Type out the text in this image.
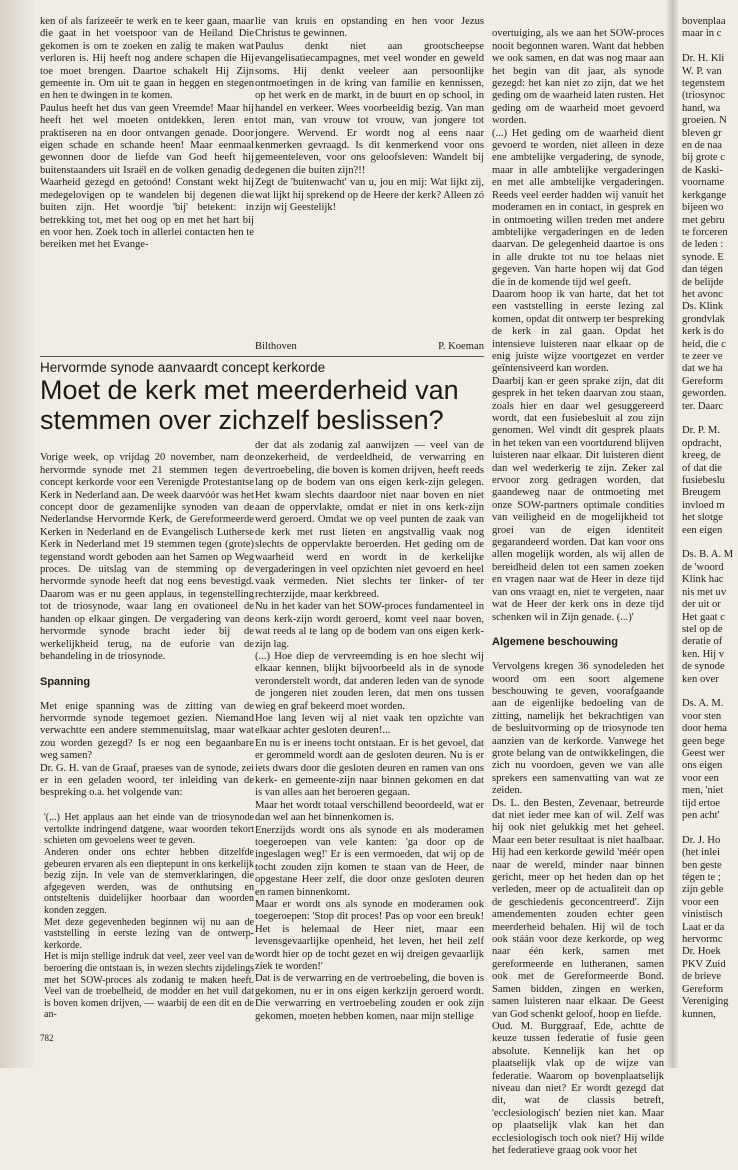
ken of als farizeeër te werk en te keer gaan, maar die gaat in het voetspoor van de Heiland Die gekomen is om te zoeken en zalig te maken wat verloren is. Hij heeft nog andere schapen die Hij toe moet brengen. Daartoe schakelt Hij Zijn gemeente in. Om uit te gaan in heggen en stegen en hen te dwingen in te komen.
Paulus heeft het dus van geen Vreemde! Maar hij heeft het wel moeten ontdekken, leren en praktiseren na en door ontvangen genade. Door eigen schade en schande heen! Maar eenmaal gewonnen door de liefde van God heeft hij buitenstaanders uit Israël en de volken genadig de Waarheid gezegd en getoónd! Constant wekt hij medegelovigen op te wandelen bij degenen die buiten zijn. Het woordje 'bij' betekent: in betrekking tot, met het oog op en met het hart bij en voor hen. Zoek toch in allerlei contacten hen te bereiken met het Evange-
lie van kruis en opstanding en hen voor Jezus Christus te gewinnen.
Paulus denkt niet aan grootscheepse evangelisatiecampagnes, met veel wonder en geweld soms. Hij denkt veeleer aan persoonlijke ontmoetingen in de kring van familie en kennissen, op het werk en de markt, in de buurt en op school, in handel en verkeer. Wees voorbeeldig bezig. Van man tot man, van vrouw tot vrouw, van jongere tot jongere. Wervend. Er wordt nog al eens naar kenmerken gevraagd. Is dit kenmerkend voor ons gemeenteleven, voor ons geloofsleven: Wandelt bij degenen die buiten zijn?!!
Zegt de 'buitenwacht' van u, jou en mij: Wat lijkt zij, wat lijkt hij sprekend op de Heere der kerk? Alleen zó zijn wij Geestelijk!
Bilthoven	P. Koeman
Hervormde synode aanvaardt concept kerkorde
Moet de kerk met meerderheid van stemmen over zichzelf beslissen?

Vorige week, op vrijdag 20 november, nam de hervormde synode met 21 stemmen tegen de concept kerkorde voor een Verenigde Protestantse Kerk in Nederland aan. De week daarvóór was het concept door de gezamenlijke synoden van de Nederlandse Hervormde Kerk, de Gereformeerde Kerken in Nederland en de Evangelisch Lutherse Kerk in Nederland met 19 stemmen tegen (grote) tegenstand wordt geboden aan het Samen op Weg proces. De uitslag van de stemming op de hervormde synode heeft dat nog eens bevestigd. Daarom was er nu geen applaus, in tegenstelling tot de triosynode, waar lang en ovationeel de handen op elkaar gingen. De vergadering van de hervormde synode bracht ieder bij de werkelijkheid terug, na de euforie van de behandeling in de triosynode.

Spanning

Met enige spanning was de zitting van de hervormde synode tegemoet gezien. Niemand verwachtte een andere stemmenuitslag, maar wat zou worden gezegd? Is er nog een begaanbare weg samen?
Dr. G. H. van de Graaf, praeses van de synode, zei er in een geladen woord, ter inleiding van de bespreking o.a. het volgende van:

'(...) Het applaus aan het einde van de triosynode vertolkte indringend datgene, waar woorden tekort schieten om gevoelens weer te geven.
Anderen onder ons echter hebben ditzelfde gebeuren ervaren als een dieptepunt in ons kerkelijk bezig zijn. In vele van de stemverklaringen, die afgegeven werden, was de onthutsing en ontsteltenis duidelijker hoorbaar dan woorden konden zeggen.
Met deze gegevenheden beginnen wij nu aan de vaststelling in eerste lezing van de ontwerp-kerkorde.
Het is mijn stellige indruk dat veel, zeer veel van de beroering die ontstaan is, in wezen slechts zijdelings met het SOW-proces als zodanig te maken heeft. Veel van de troebelheid, de modder en het vuil dat is boven komen drijven, — waarbij de een dit en de an-

der dat als zodanig zal aanwijzen — veel van de onzekerheid, de verdeeldheid, de verwarring en vertroebeling, die boven is komen drijven, heeft reeds lang op de bodem van ons eigen kerk-zijn gelegen. Het kwam slechts daardoor niet naar boven en niet aan de oppervlakte, omdat er niet in ons kerk-zijn werd geroerd. Omdat we op veel punten de zaak van de kerk met rust lieten en angstvallig vaak nog slechts de oppervlakte beroerden. Het geding om de waarheid werd en wordt in de kerkelijke vergaderingen in veel opzichten niet gevoerd en heel vaak vermeden. Niet slechts ter linker- of ter rechterzijde, maar kerkbreed.
Nu in het kader van het SOW-proces fundamenteel in ons kerk-zijn wordt geroerd, komt veel naar boven, wat reeds al te lang op de bodem van ons eigen kerk-zijn lag.
(...) Hoe diep de vervreemding is en hoe slecht wij elkaar kennen, blijkt bijvoorbeeld als in de synode veronderstelt wordt, dat anderen leden van de synode de jongeren niet zouden leren, dat men ons tussen wieg en graf bekeerd moet worden.
Hoe lang leven wij al niet vaak ten opzichte van elkaar achter gesloten deuren!...
En nu is er ineens tocht ontstaan. Er is het gevoel, dat er gerommeld wordt aan de gesloten deuren. Nu is er iets dwars door die gesloten deuren en ramen van ons kerk- en gemeente-zijn naar binnen gekomen en dat is van alles aan het beroeren gegaan.
Maar het wordt totaal verschillend beoordeeld, wat er dan wel aan het binnenkomen is.
Enerzijds wordt ons als synode en als moderamen toegeroepen van vele kanten: 'ga door op de ingeslagen weg!' Er is een vermoeden, dat wij op de tocht zouden zijn komen te staan van de Heer, de opgestane Heer zelf, die door onze gesloten deuren en ramen binnenkomt.
Maar er wordt ons als synode en moderamen ook toegeroepen: 'Stop dit proces! Pas op voor een breuk! Het is helemaal de Heer niet, maar een levensgevaarlijke openheid, het leven, het heil zelf wordt hier op de tocht gezet en wij dreigen gevaarlijk ziek te worden!'
Dat is de verwarring en de vertroebeling, die boven is gekomen, nu er in ons eigen kerkzijn geroerd wordt. Die verwarring en vertroebeling zouden er ook zijn gekomen, moeten hebben komen, naar mijn stellige

overtuiging, als we aan het SOW-proces nooit begonnen waren. Want dat hebben we ook samen, en dat was nog maar aan het begin van dit jaar, als synode gezegd: het kan niet zo zijn, dat we het geding om de waarheid laten rusten. Het geding om de waarheid moet gevoerd worden.
(...) Het geding om de waarheid dient gevoerd te worden, niet alleen in deze ene ambtelijke vergadering, de synode, maar in alle ambtelijke vergaderingen en met alle ambtelijke vergaderingen. Reeds veel eerder hadden wij vanuit het moderamen en in contact, in gesprek en in ontmoeting willen treden met andere ambtelijke vergaderingen en de leden daarvan. De gelegenheid daartoe is ons in alle drukte tot nu toe helaas niet gegeven. Van harte hopen wij dat God die in de komende tijd wel geeft.
Daarom hoop ik van harte, dat het tot een vaststelling in eerste lezing zal komen, opdat dit ontwerp ter bespreking de kerk in zal gaan. Opdat het intensieve luisteren naar elkaar op de enig juiste wijze voortgezet en verder geïntensiveerd kan worden.
Daarbij kan er geen sprake zijn, dat dit gesprek in het teken daarvan zou staan, zoals hier en daar wel gesuggereerd wordt, dat een fusiebesluit al zou zijn genomen. Wel vindt dit gesprek plaats in het teken van een voortdurend blijven luisteren naar elkaar. Dit luisteren dient dan wel wederkerig te zijn. Zeker zal ervoor zorg gedragen worden, dat gaandeweg naar de ontmoeting met onze SOW-partners optimale condities van veiligheid en de mogelijkheid tot groei van de eigen identiteit gegarandeerd worden. Dat kan voor ons allen mogelijk worden, als wij allen de bereidheid delen tot een samen zoeken en vragen naar wat de Heer in deze tijd van ons vraagt en, niet te vergeten, naar wat de Heer der kerk ons in deze tijd schenken wil in Zijn genade. (...)'

Algemene beschouwing

Vervolgens kregen 36 synodeleden het woord om een soort algemene beschouwing te geven, voorafgaande aan de eigenlijke bedoeling van de zitting, namelijk het bekrachtigen van de besluitvorming op de triosynode ten aanzien van de kerkorde. Vanwege het grote belang van de ontwikkelingen, die zich nu voordoen, geven we van alle sprekers een samenvatting van wat ze zeiden.
Ds. L. den Besten, Zevenaar, betreurde dat niet ieder mee kan of wil. Zelf was hij ook niet gelukkig met het geheel. Maar een beter resultaat is niet haalbaar. Hij had een kerkorde gewild 'méér open naar de wereld, minder naar binnen gericht, meer op het heden dan op het verleden, meer op de actualiteit dan op de geschiedenis geconcentreerd'. Zijn amendementen zouden echter geen meerderheid behalen. Hij wil de toch ook stáán voor deze kerkorde, op weg naar één kerk, samen met gereformeerde en lutheranen, samen ook met de Gereformeerde Bond. Samen bidden, zingen en werken, samen luisteren naar elkaar. De Geest van God schenkt geloof, hoop en liefde.
Oud. M. Burggraaf, Ede, achtte de keuze tussen federatie of fusie geen absolute. Kennelijk kan het op plaatselijk vlak op de wijze van federatie. Waarom op bovenplaatselijk niveau dan niet? Er wordt gezegd dat dit, wat de classis betreft, 'ecclesiologisch' bezien niet kan. Maar op plaatselijk vlak kan het dan ecclesiologisch toch ook niet? Hij wilde het federatieve graag ook voor het

bovenplaa
maar in c

Dr. H. Kli
W. P. van
tegenstem
(triosynoc
hand, wa
groeien. N
bleven gr
en de naa
bij grote c
de Kaski-
voorname
kerkgange
bijeen wo
met gebru
te forceren
de leden :
synode. E
dan tégen
de belijde
het avonc
Ds. Klink
grondvlak
kerk is do
heid, die c
te zeer ve
dat we ha
Gereform
geworden.
ter. Daarc

Dr. P. M.
opdracht,
kreeg, de
of dat die
fusiebeslu
Breugem
invloed m
het slotge
een eigen

Ds. B. A. M
de 'woord
Klink hac
nis met uv
der uit or
Het gaat c
stel op de
deratie of
ken. Hij v
de synode
ken over

Ds. A. M.
voor sten
door hema
geen bege
Geest wer
ons eigen
voor een
men, 'niet
tijd ertoe
pen acht'

Dr. J. Ho
(het inlei
ben geste
tégen te ;
zijn geble
voor een
vinistisch
Laat er da
hervormc
Dr. Hoek
PKV Zuid
de brieve
Gereform
Vereniging
kunnen,
782
